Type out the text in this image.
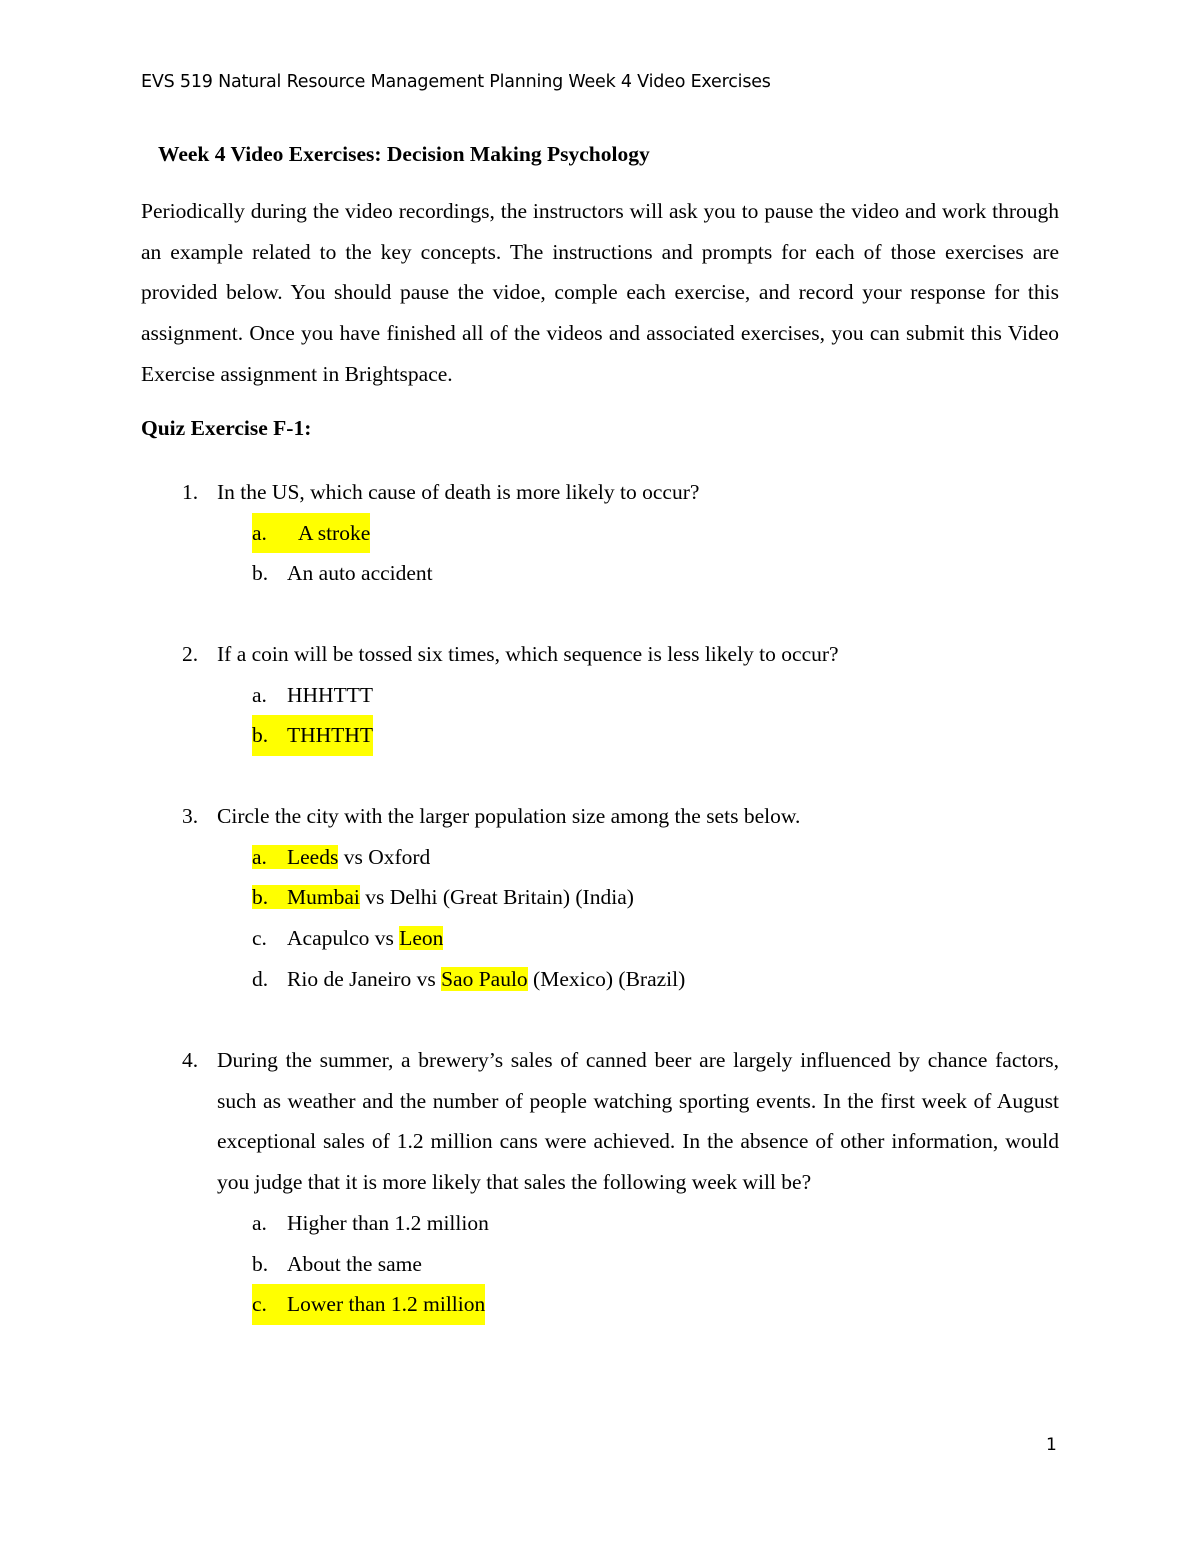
EVS 519 Natural Resource Management Planning Week 4 Video Exercises
Week 4 Video Exercises: Decision Making Psychology

Periodically during the video recordings, the instructors will ask you to pause the video and work through an example related to the key concepts. The instructions and prompts for each of those exercises are provided below. You should pause the vidoe, comple each exercise, and record your response for this assignment. Once you have finished all of the videos and associated exercises, you can submit this Video Exercise assignment in Brightspace.

Quiz Exercise F-1:
1. In the US, which cause of death is more likely to occur?
a. A stroke
b. An auto accident
2. If a coin will be tossed six times, which sequence is less likely to occur?
a. HHHTTT
b. THHTHT
3. Circle the city with the larger population size among the sets below.
a. Leeds vs Oxford
b. Mumbai vs Delhi (Great Britain) (India)
c. Acapulco vs Leon
d. Rio de Janeiro vs Sao Paulo (Mexico) (Brazil)
4. During the summer, a brewery’s sales of canned beer are largely influenced by chance factors, such as weather and the number of people watching sporting events. In the first week of August exceptional sales of 1.2 million cans were achieved. In the absence of other information, would you judge that it is more likely that sales the following week will be?
a. Higher than 1.2 million
b. About the same
c. Lower than 1.2 million
1
